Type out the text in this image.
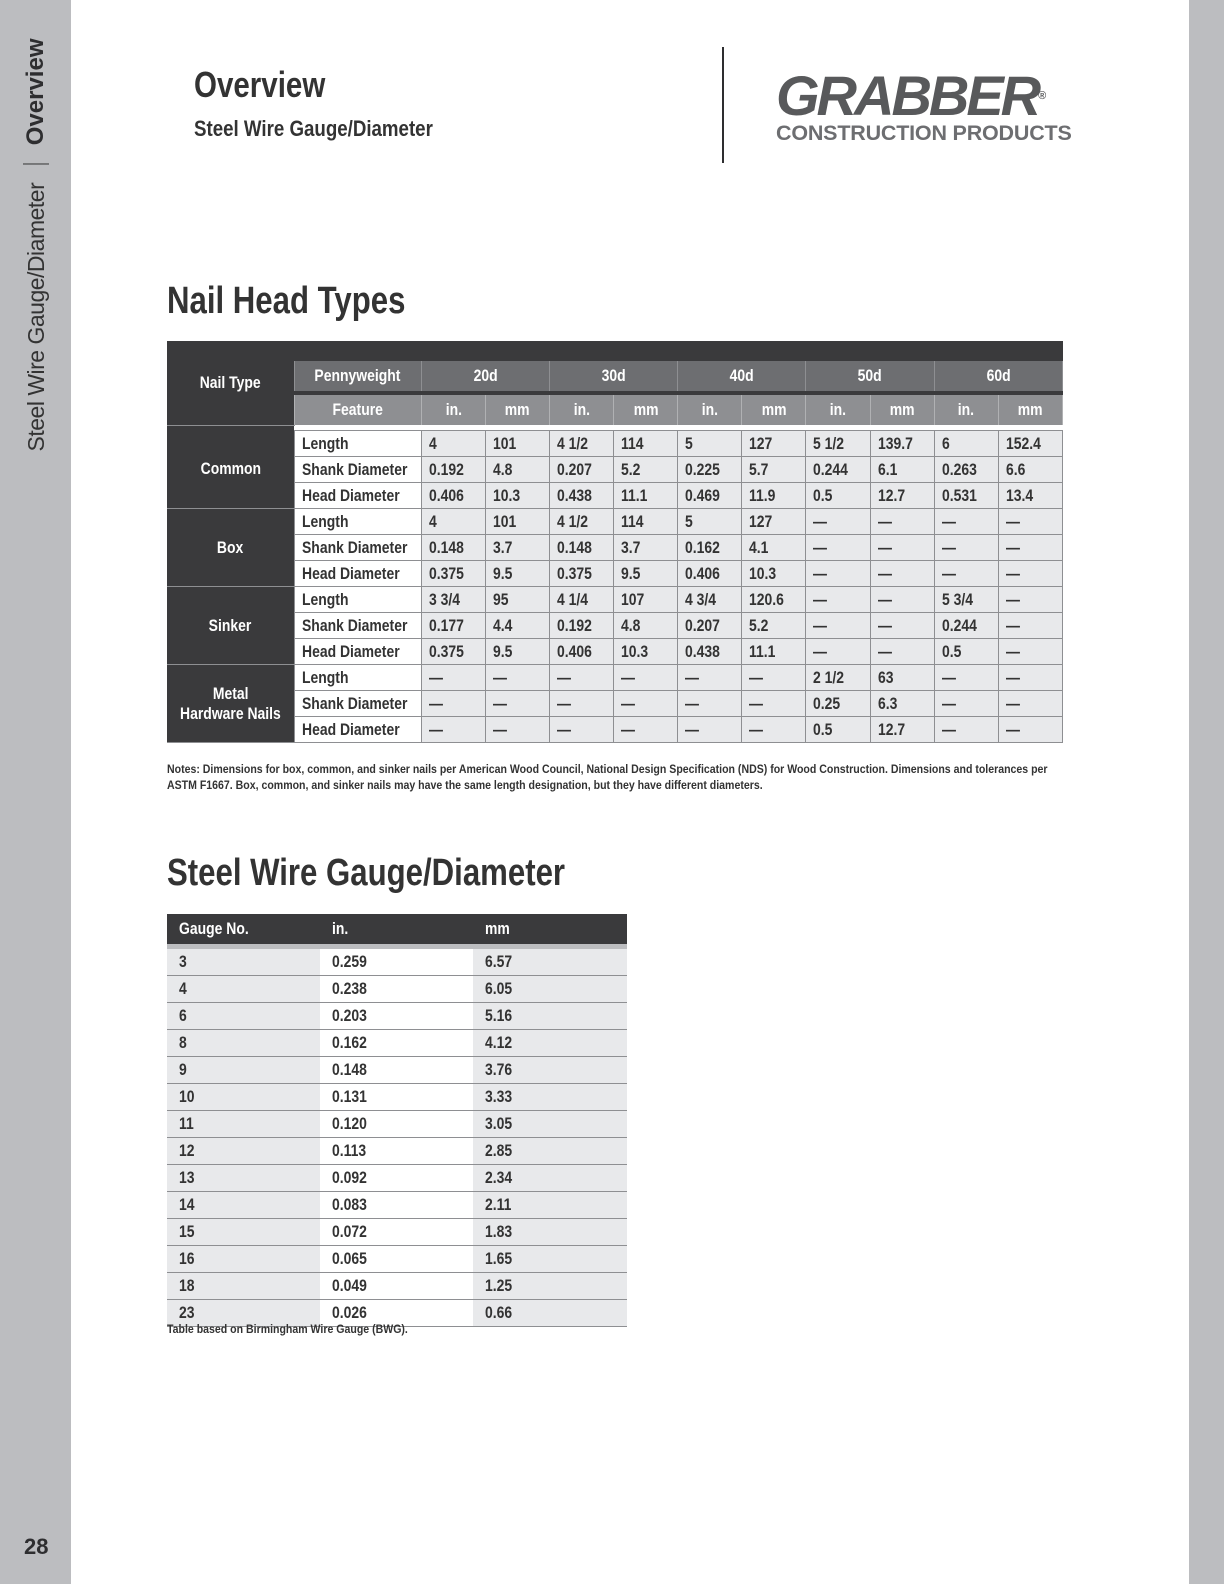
Steel Wire Gauge/Diameter
Overview
28
Overview
Steel Wire Gauge/Diameter
GRABBER®
CONSTRUCTION PRODUCTS
Nail Head Types
Nail Type											
	Pennyweight	20d		30d		40d		50d		60d	
	Feature	in.	mm	in.	mm	in.	mm	in.	mm	in.	mm

Common	Length	4	101	4 1/2	114	5	127	5 1/2	139.7	6	152.4
	Shank Diameter	0.192	4.8	0.207	5.2	0.225	5.7	0.244	6.1	0.263	6.6
	Head Diameter	0.406	10.3	0.438	11.1	0.469	11.9	0.5	12.7	0.531	13.4
Box	Length	4	101	4 1/2	114	5	127	—	—	—	—
	Shank Diameter	0.148	3.7	0.148	3.7	0.162	4.1	—	—	—	—
	Head Diameter	0.375	9.5	0.375	9.5	0.406	10.3	—	—	—	—
Sinker	Length	3 3/4	95	4 1/4	107	4 3/4	120.6	—	—	5 3/4	—
	Shank Diameter	0.177	4.4	0.192	4.8	0.207	5.2	—	—	0.244	—
	Head Diameter	0.375	9.5	0.406	10.3	0.438	11.1	—	—	0.5	—
Metal
Hardware Nails	Length	—	—	—	—	—	—	2 1/2	63	—	—
	Shank Diameter	—	—	—	—	—	—	0.25	6.3	—	—
	Head Diameter	—	—	—	—	—	—	0.5	12.7	—	—
Notes: Dimensions for box, common, and sinker nails per American Wood Council, National Design Specification (NDS) for Wood Construction. Dimensions and tolerances per ASTM F1667. Box, common, and sinker nails may have the same length designation, but they have different diameters.
Steel Wire Gauge/Diameter
Gauge No.	in.	mm
3	0.259	6.57
4	0.238	6.05
6	0.203	5.16
8	0.162	4.12
9	0.148	3.76
10	0.131	3.33
11	0.120	3.05
12	0.113	2.85
13	0.092	2.34
14	0.083	2.11
15	0.072	1.83
16	0.065	1.65
18	0.049	1.25
23	0.026	0.66
Table based on Birmingham Wire Gauge (BWG).
